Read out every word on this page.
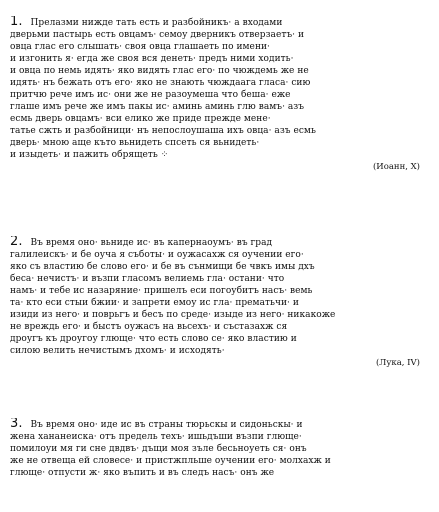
1. Прелазми нижде тать есть и разбойникъ· а входами
дверьми пастырь есть овцамъ· семоу дверникъ отверзаетъ· и
овца глас его слышать· своя овца глашаеть по имени·
и изгонить я· егда же своя вся денеть· предъ ними ходить·
и овца по немь идять· яко видять глас его· по чюждемь же не
идять· нъ бежать отъ его· яко не знають чюждаага гласа· сию
притчю рече имъ ис· они же не разоумеша что беша· еже
глаше имъ рече же имъ пакы ис· аминь аминь глю вамъ· азъ
есмь дверь овцамъ· вси елико же приде прежде мене·
татье сжть и разбойници· нъ непослоушаша ихъ овца· азъ есмь
дверь· мною аще къто вьнидеть спсеть ся вьнидеть·
и изыдеть· и пажить обрящеть ⁘
(Иоанн, Х)
2. Въ время оно· вьниде ис· въ капернаоумъ· въ град
галилеискъ· и бе оуча я съботы· и оужасахж ся оучении его·
яко съ властию бе слово его· и бе въ сънмищи бе чвкъ имы дхъ
беса· нечистъ· и възпи гласомъ велиемь гла· остани· что
намъ· и тебе ис назаряние· пришелъ еси погоубитъ насъ· вемь
та· кто еси стыи бжии· и запрети емоу ис гла· прематьчи· и
изиди из него· и поврьгъ и бесъ по среде· изыде из него· никакоже
не вреждь его· и быстъ оужасъ на вьсехъ· и състазахж ся
дроугъ къ дроугоу глюще· что есть слово се· яко властию и
силою велить нечистымъ дхомъ· и исходять·
(Лука, IV)
3. Въ время оно· иде ис въ страны тюрьскы и сидоньскы· и
жена хананеиска· отъ предель техъ· ишьдъши възпи глюще·
помилоуи мя ги сне двдвъ· дъщи моя зъле бесьноуеть ся· онъ
же не отвеща ей словесе· и пристжпльше оучении его· молхахж и
глюще· отпусти ж· яко въпить и въ следъ насъ· онъ же
